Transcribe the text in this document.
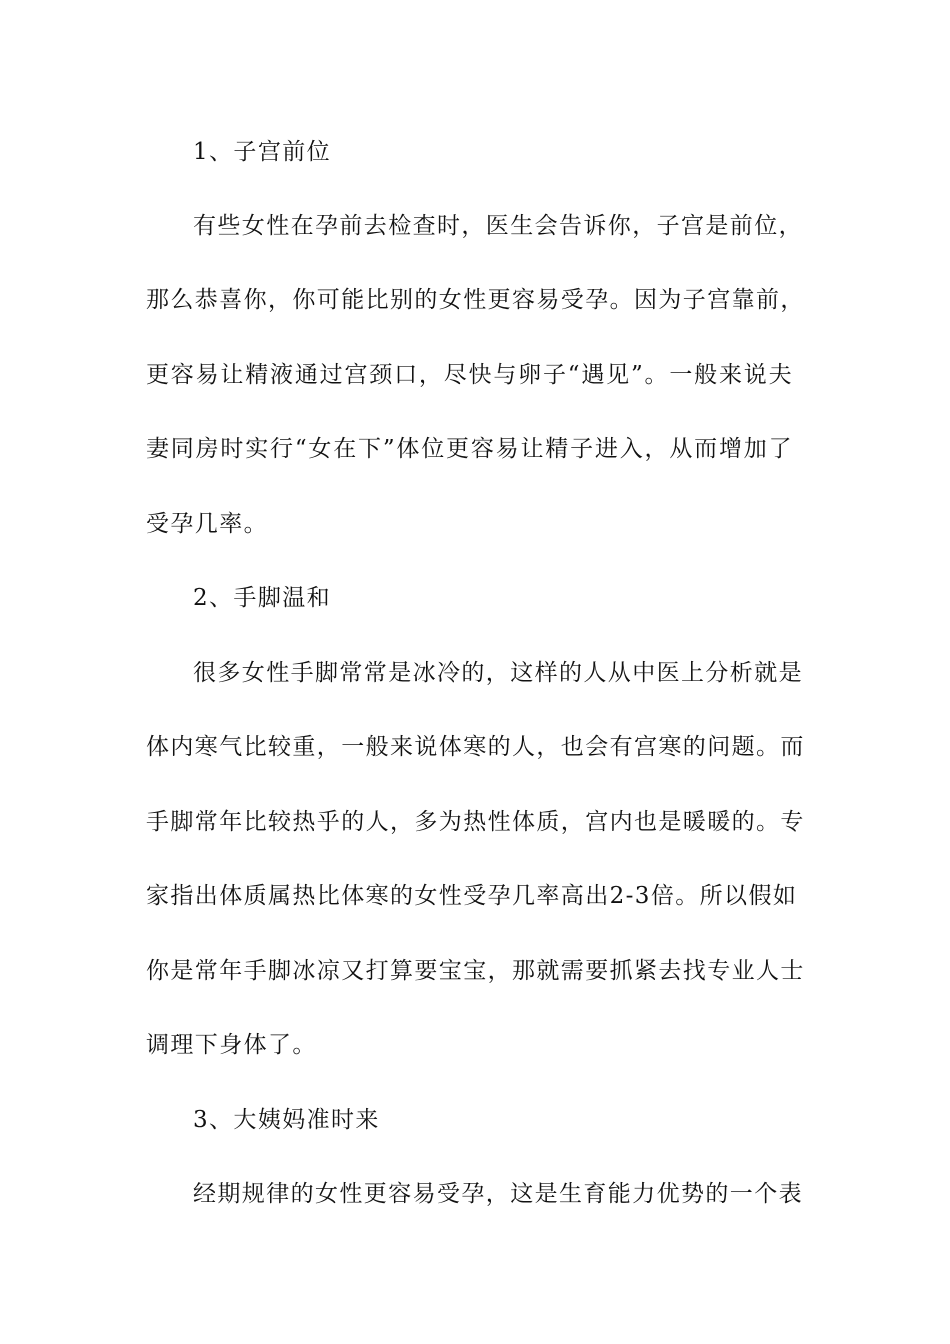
1、子宫前位
有些女性在孕前去检查时，医生会告诉你，子宫是前位，
那么恭喜你，你可能比别的女性更容易受孕。因为子宫靠前，
更容易让精液通过宫颈口，尽快与卵子“遇见”。一般来说夫
妻同房时实行“女在下”体位更容易让精子进入，从而增加了
受孕几率。
2、手脚温和
很多女性手脚常常是冰冷的，这样的人从中医上分析就是
体内寒气比较重，一般来说体寒的人，也会有宫寒的问题。而
手脚常年比较热乎的人，多为热性体质，宫内也是暖暖的。专
家指出体质属热比体寒的女性受孕几率高出2-3倍。所以假如
你是常年手脚冰凉又打算要宝宝，那就需要抓紧去找专业人士
调理下身体了。
3、大姨妈准时来
经期规律的女性更容易受孕，这是生育能力优势的一个表
